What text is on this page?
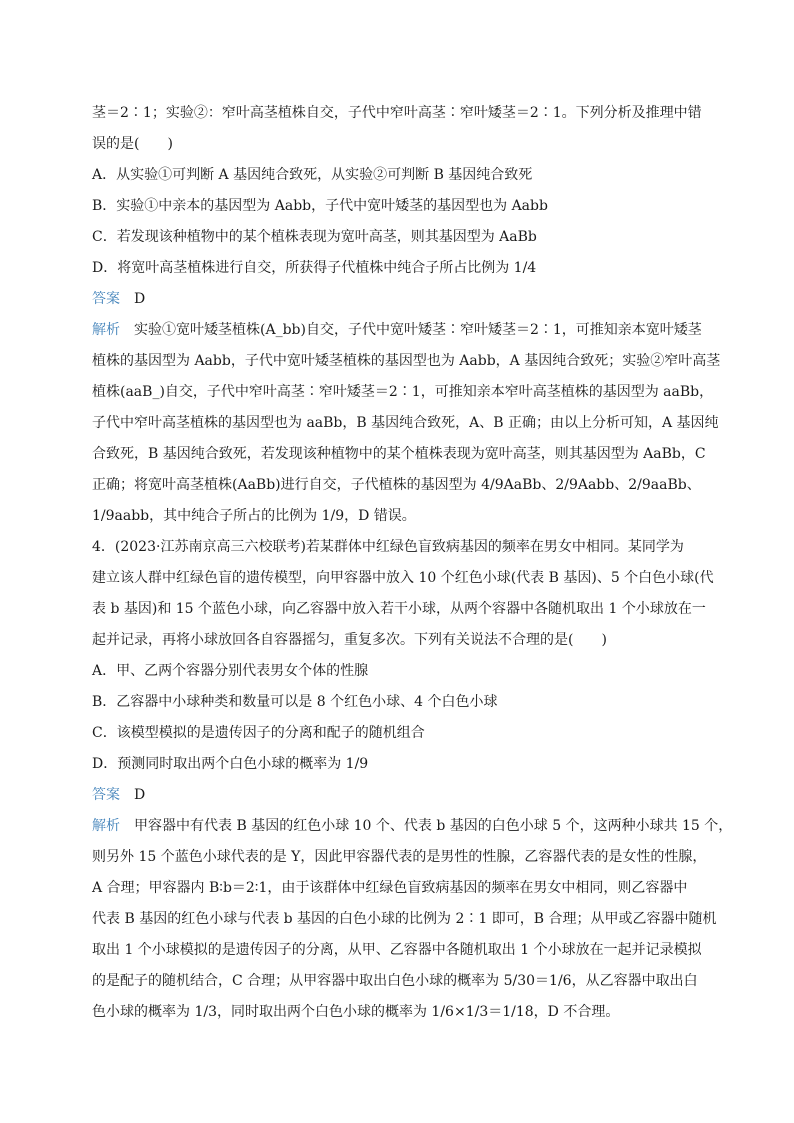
茎＝2∶1；实验②：窄叶高茎植株自交，子代中窄叶高茎∶窄叶矮茎＝2∶1。下列分析及推理中错
误的是(　　)

A．从实验①可判断 A 基因纯合致死，从实验②可判断 B 基因纯合致死

B．实验①中亲本的基因型为 Aabb，子代中宽叶矮茎的基因型也为 Aabb

C．若发现该种植物中的某个植株表现为宽叶高茎，则其基因型为 AaBb

D．将宽叶高茎植株进行自交，所获得子代植株中纯合子所占比例为 1/4

答案 D

解析 实验①宽叶矮茎植株(A_bb)自交，子代中宽叶矮茎∶窄叶矮茎＝2∶1，可推知亲本宽叶矮茎
植株的基因型为 Aabb，子代中宽叶矮茎植株的基因型也为 Aabb，A 基因纯合致死；实验②窄叶高茎
植株(aaB_)自交，子代中窄叶高茎∶窄叶矮茎＝2∶1，可推知亲本窄叶高茎植株的基因型为 aaBb，
子代中窄叶高茎植株的基因型也为 aaBb，B 基因纯合致死，A、B 正确；由以上分析可知，A 基因纯
合致死，B 基因纯合致死，若发现该种植物中的某个植株表现为宽叶高茎，则其基因型为 AaBb，C
正确；将宽叶高茎植株(AaBb)进行自交，子代植株的基因型为 4/9AaBb、2/9Aabb、2/9aaBb、
1/9aabb，其中纯合子所占的比例为 1/9，D 错误。
4．(2023·江苏南京高三六校联考)若某群体中红绿色盲致病基因的频率在男女中相同。某同学为
建立该人群中红绿色盲的遗传模型，向甲容器中放入 10 个红色小球(代表 B 基因)、5 个白色小球(代
表 b 基因)和 15 个蓝色小球，向乙容器中放入若干小球，从两个容器中各随机取出 1 个小球放在一
起并记录，再将小球放回各自容器摇匀，重复多次。下列有关说法不合理的是(　　)

A．甲、乙两个容器分别代表男女个体的性腺

B．乙容器中小球种类和数量可以是 8 个红色小球、4 个白色小球

C．该模型模拟的是遗传因子的分离和配子的随机组合

D．预测同时取出两个白色小球的概率为 1/9

答案 D

解析 甲容器中有代表 B 基因的红色小球 10 个、代表 b 基因的白色小球 5 个，这两种小球共 15 个，
则另外 15 个蓝色小球代表的是 Y，因此甲容器代表的是男性的性腺，乙容器代表的是女性的性腺，
A 合理；甲容器内 B∶b＝2∶1，由于该群体中红绿色盲致病基因的频率在男女中相同，则乙容器中
代表 B 基因的红色小球与代表 b 基因的白色小球的比例为 2∶1 即可，B 合理；从甲或乙容器中随机
取出 1 个小球模拟的是遗传因子的分离，从甲、乙容器中各随机取出 1 个小球放在一起并记录模拟
的是配子的随机结合，C 合理；从甲容器中取出白色小球的概率为 5/30＝1/6，从乙容器中取出白
色小球的概率为 1/3，同时取出两个白色小球的概率为 1/6×1/3＝1/18，D 不合理。
